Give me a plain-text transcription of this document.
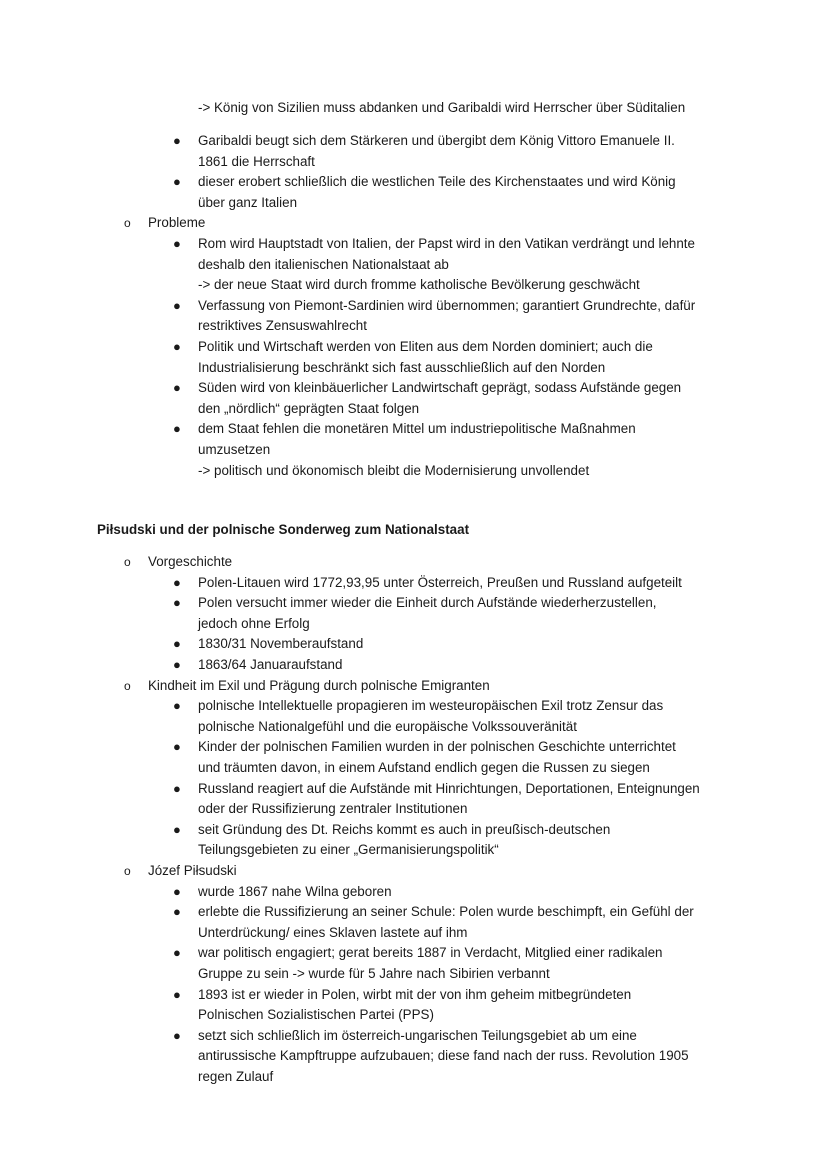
-> König von Sizilien muss abdanken und Garibaldi wird Herrscher über Süditalien
● Garibaldi beugt sich dem Stärkeren und übergibt dem König Vittoro Emanuele II.
1861 die Herrschaft
● dieser erobert schließlich die westlichen Teile des Kirchenstaates und wird König
über ganz Italien
o Probleme
● Rom wird Hauptstadt von Italien, der Papst wird in den Vatikan verdrängt und lehnte
deshalb den italienischen Nationalstaat ab
-> der neue Staat wird durch fromme katholische Bevölkerung geschwächt
● Verfassung von Piemont-Sardinien wird übernommen; garantiert Grundrechte, dafür
restriktives Zensuswahlrecht
● Politik und Wirtschaft werden von Eliten aus dem Norden dominiert; auch die
Industrialisierung beschränkt sich fast ausschließlich auf den Norden
● Süden wird von kleinbäuerlicher Landwirtschaft geprägt, sodass Aufstände gegen
den „nördlich“ geprägten Staat folgen
● dem Staat fehlen die monetären Mittel um industriepolitische Maßnahmen
umzusetzen
-> politisch und ökonomisch bleibt die Modernisierung unvollendet
Piłsudski und der polnische Sonderweg zum Nationalstaat
o Vorgeschichte
● Polen-Litauen wird 1772,93,95 unter Österreich, Preußen und Russland aufgeteilt
● Polen versucht immer wieder die Einheit durch Aufstände wiederherzustellen,
jedoch ohne Erfolg
● 1830/31 Novemberaufstand
● 1863/64 Januaraufstand
o Kindheit im Exil und Prägung durch polnische Emigranten
● polnische Intellektuelle propagieren im westeuropäischen Exil trotz Zensur das
polnische Nationalgefühl und die europäische Volkssouveränität
● Kinder der polnischen Familien wurden in der polnischen Geschichte unterrichtet
und träumten davon, in einem Aufstand endlich gegen die Russen zu siegen
● Russland reagiert auf die Aufstände mit Hinrichtungen, Deportationen, Enteignungen
oder der Russifizierung zentraler Institutionen
● seit Gründung des Dt. Reichs kommt es auch in preußisch-deutschen
Teilungsgebieten zu einer „Germanisierungspolitik“
o Józef Piłsudski
● wurde 1867 nahe Wilna geboren
● erlebte die Russifizierung an seiner Schule: Polen wurde beschimpft, ein Gefühl der
Unterdrückung/ eines Sklaven lastete auf ihm
● war politisch engagiert; gerat bereits 1887 in Verdacht, Mitglied einer radikalen
Gruppe zu sein -> wurde für 5 Jahre nach Sibirien verbannt
● 1893 ist er wieder in Polen, wirbt mit der von ihm geheim mitbegründeten
Polnischen Sozialistischen Partei (PPS)
● setzt sich schließlich im österreich-ungarischen Teilungsgebiet ab um eine
antirussische Kampftruppe aufzubauen; diese fand nach der russ. Revolution 1905
regen Zulauf
